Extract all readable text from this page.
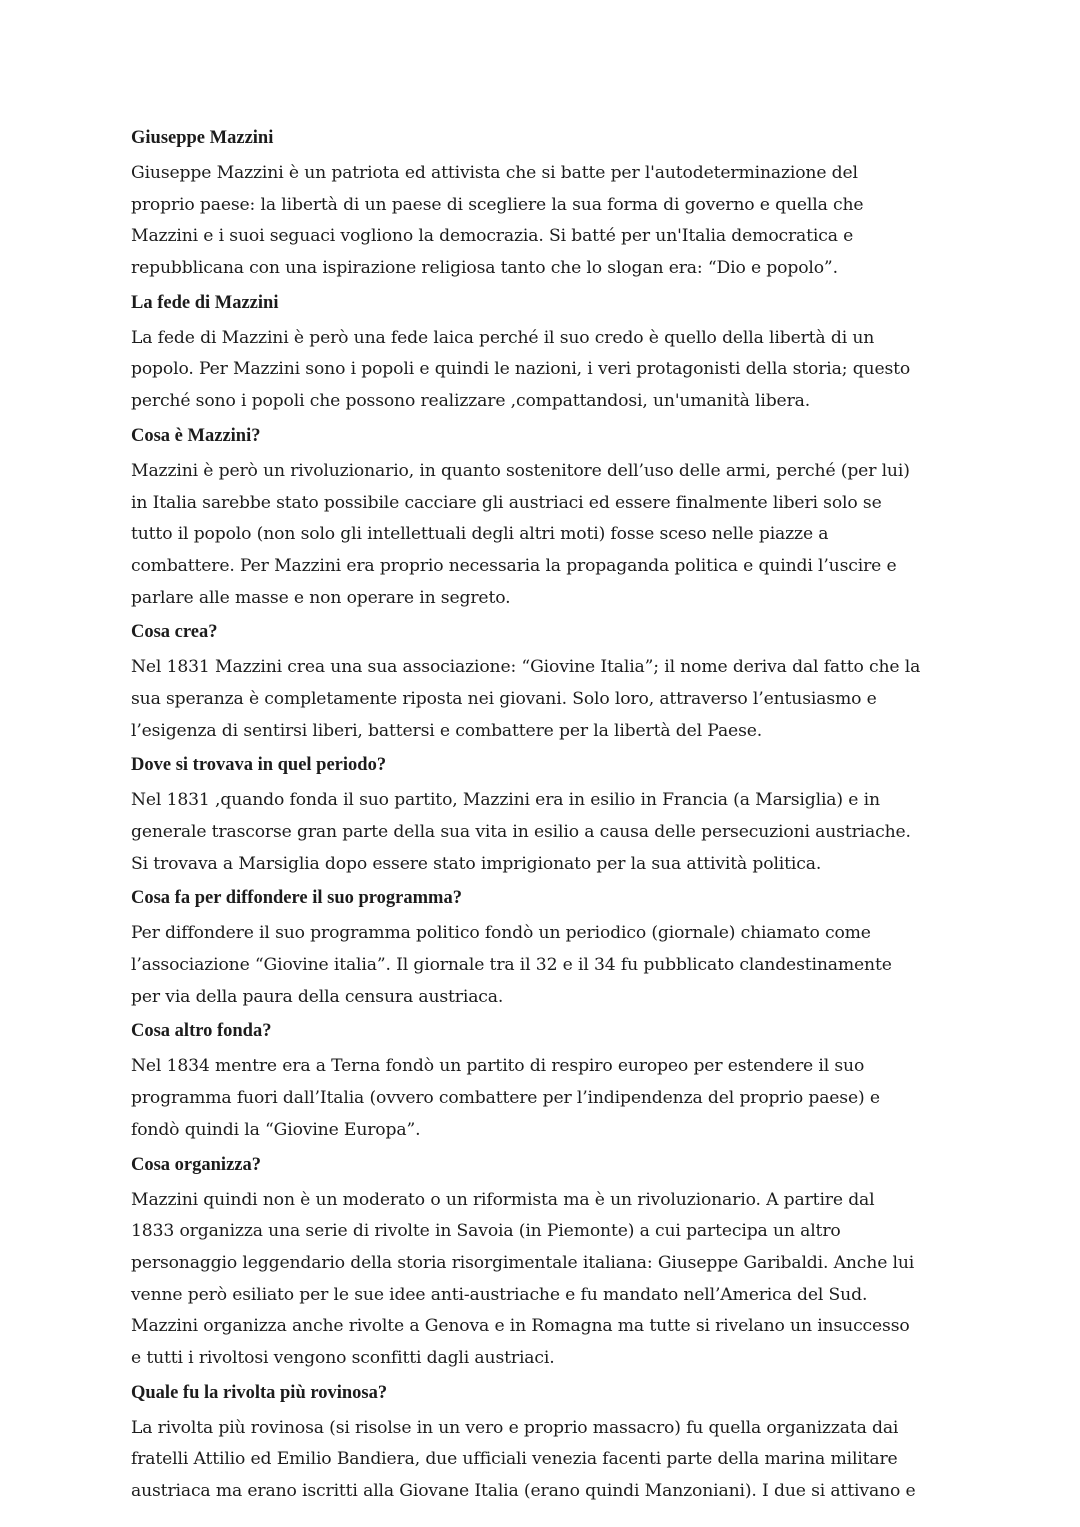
Giuseppe Mazzini
Giuseppe Mazzini è un patriota ed attivista che si batte per l'autodeterminazione del
proprio paese: la libertà di un paese di scegliere la sua forma di governo e quella che
Mazzini e i suoi seguaci vogliono la democrazia. Si batté per un'Italia democratica e
repubblicana con una ispirazione religiosa tanto che lo slogan era: “Dio e popolo”.
La fede di Mazzini
La fede di Mazzini è però una fede laica perché il suo credo è quello della libertà di un
popolo. Per Mazzini sono i popoli e quindi le nazioni, i veri protagonisti della storia; questo
perché sono i popoli che possono realizzare ,compattandosi, un'umanità libera.
Cosa è Mazzini?
Mazzini è però un rivoluzionario, in quanto sostenitore dell’uso delle armi, perché (per lui)
in Italia sarebbe stato possibile cacciare gli austriaci ed essere finalmente liberi solo se
tutto il popolo (non solo gli intellettuali degli altri moti) fosse sceso nelle piazze a
combattere. Per Mazzini era proprio necessaria la propaganda politica e quindi l’uscire e
parlare alle masse e non operare in segreto.
Cosa crea?
Nel 1831 Mazzini crea una sua associazione: “Giovine Italia”; il nome deriva dal fatto che la
sua speranza è completamente riposta nei giovani. Solo loro, attraverso l’entusiasmo e
l’esigenza di sentirsi liberi, battersi e combattere per la libertà del Paese.
Dove si trovava in quel periodo?
Nel 1831 ,quando fonda il suo partito, Mazzini era in esilio in Francia (a Marsiglia) e in
generale trascorse gran parte della sua vita in esilio a causa delle persecuzioni austriache.
Si trovava a Marsiglia dopo essere stato imprigionato per la sua attività politica.
Cosa fa per diffondere il suo programma?
Per diffondere il suo programma politico fondò un periodico (giornale) chiamato come
l’associazione “Giovine italia”. Il giornale tra il 32 e il 34 fu pubblicato clandestinamente
per via della paura della censura austriaca.
Cosa altro fonda?
Nel 1834 mentre era a Terna fondò un partito di respiro europeo per estendere il suo
programma fuori dall’Italia (ovvero combattere per l’indipendenza del proprio paese) e
fondò quindi la “Giovine Europa”.
Cosa organizza?
Mazzini quindi non è un moderato o un riformista ma è un rivoluzionario. A partire dal
1833 organizza una serie di rivolte in Savoia (in Piemonte) a cui partecipa un altro
personaggio leggendario della storia risorgimentale italiana: Giuseppe Garibaldi. Anche lui
venne però esiliato per le sue idee anti-austriache e fu mandato nell’America del Sud.
Mazzini organizza anche rivolte a Genova e in Romagna ma tutte si rivelano un insuccesso
e tutti i rivoltosi vengono sconfitti dagli austriaci.
Quale fu la rivolta più rovinosa?
La rivolta più rovinosa (si risolse in un vero e proprio massacro) fu quella organizzata dai
fratelli Attilio ed Emilio Bandiera, due ufficiali venezia facenti parte della marina militare
austriaca ma erano iscritti alla Giovane Italia (erano quindi Manzoniani). I due si attivano e
